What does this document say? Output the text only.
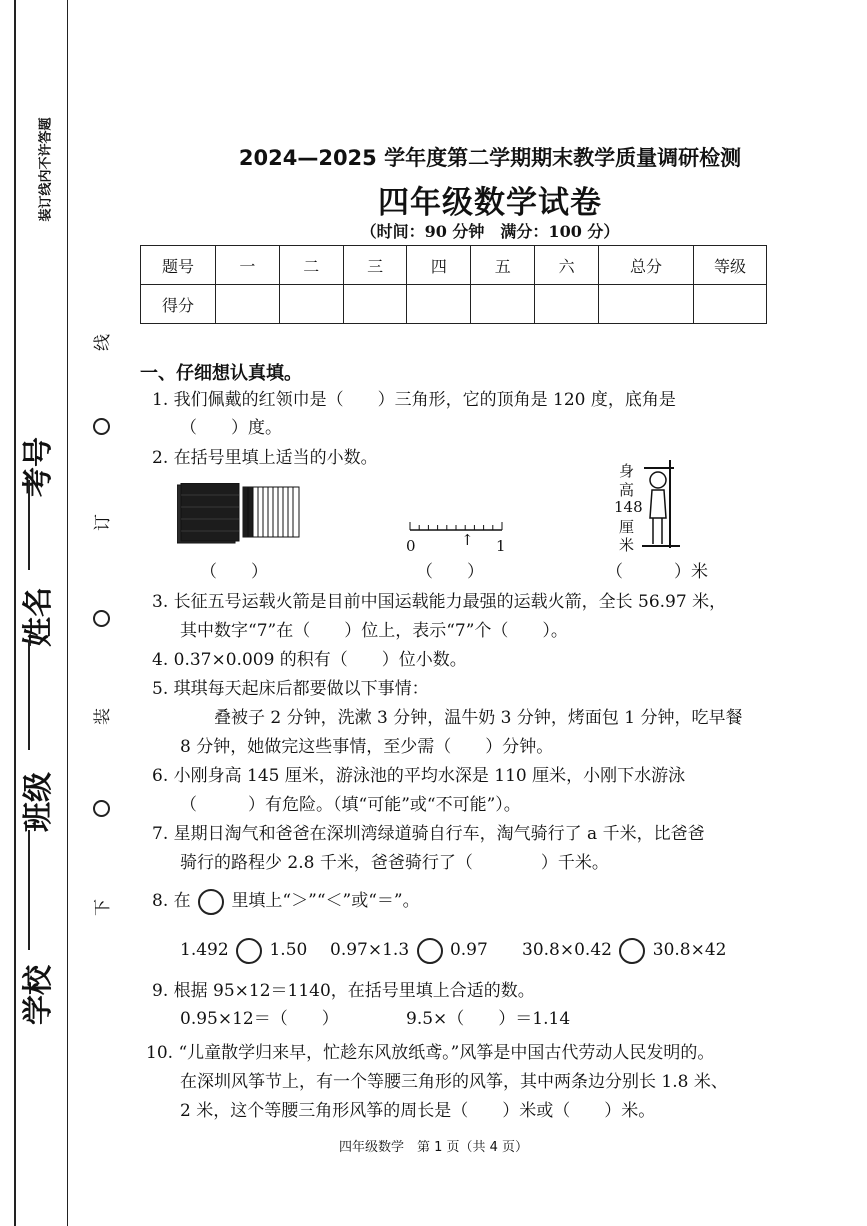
装订线内不许答题
考号
姓名
班级
学校
线
订
装
下
2024—2025 学年度第二学期期末教学质量调研检测
四年级数学试卷
（时间：90 分钟　满分：100 分）
题号	一	二	三	四	五	六	总分	等级
得分								
一、仔细想认真填。
1. 我们佩戴的红领巾是（　　）三角形，它的顶角是 120 度，底角是
（　　）度。
2. 在括号里填上适当的小数。
0	↑ 1
身
高
148
厘
米
（　　）	（　　）	（　　　）米
3. 长征五号运载火箭是目前中国运载能力最强的运载火箭，全长 56.97 米，
其中数字“7”在（　　）位上，表示“7”个（　　）。
4. 0.37×0.009 的积有（　　）位小数。
5. 琪琪每天起床后都要做以下事情：
叠被子 2 分钟，洗漱 3 分钟，温牛奶 3 分钟，烤面包 1 分钟，吃早餐
8 分钟，她做完这些事情，至少需（　　）分钟。
6. 小刚身高 145 厘米，游泳池的平均水深是 110 厘米，小刚下水游泳
（　　　）有危险。（填“可能”或“不可能”）。
7. 星期日淘气和爸爸在深圳湾绿道骑自行车，淘气骑行了 a 千米，比爸爸
骑行的路程少 2.8 千米，爸爸骑行了（　　　　）千米。
8. 在 里填上“＞”“＜”或“＝”。
1.492 1.50 0.97×1.3 0.97 30.8×0.42 30.8×42
9. 根据 95×12＝1140，在括号里填上合适的数。
0.95×12＝（　　）	9.5×（　　）＝1.14
10. “儿童散学归来早，忙趁东风放纸鸢。”风筝是中国古代劳动人民发明的。
在深圳风筝节上，有一个等腰三角形的风筝，其中两条边分别长 1.8 米、
2 米，这个等腰三角形风筝的周长是（　　）米或（　　）米。
四年级数学　第 1 页（共 4 页）
